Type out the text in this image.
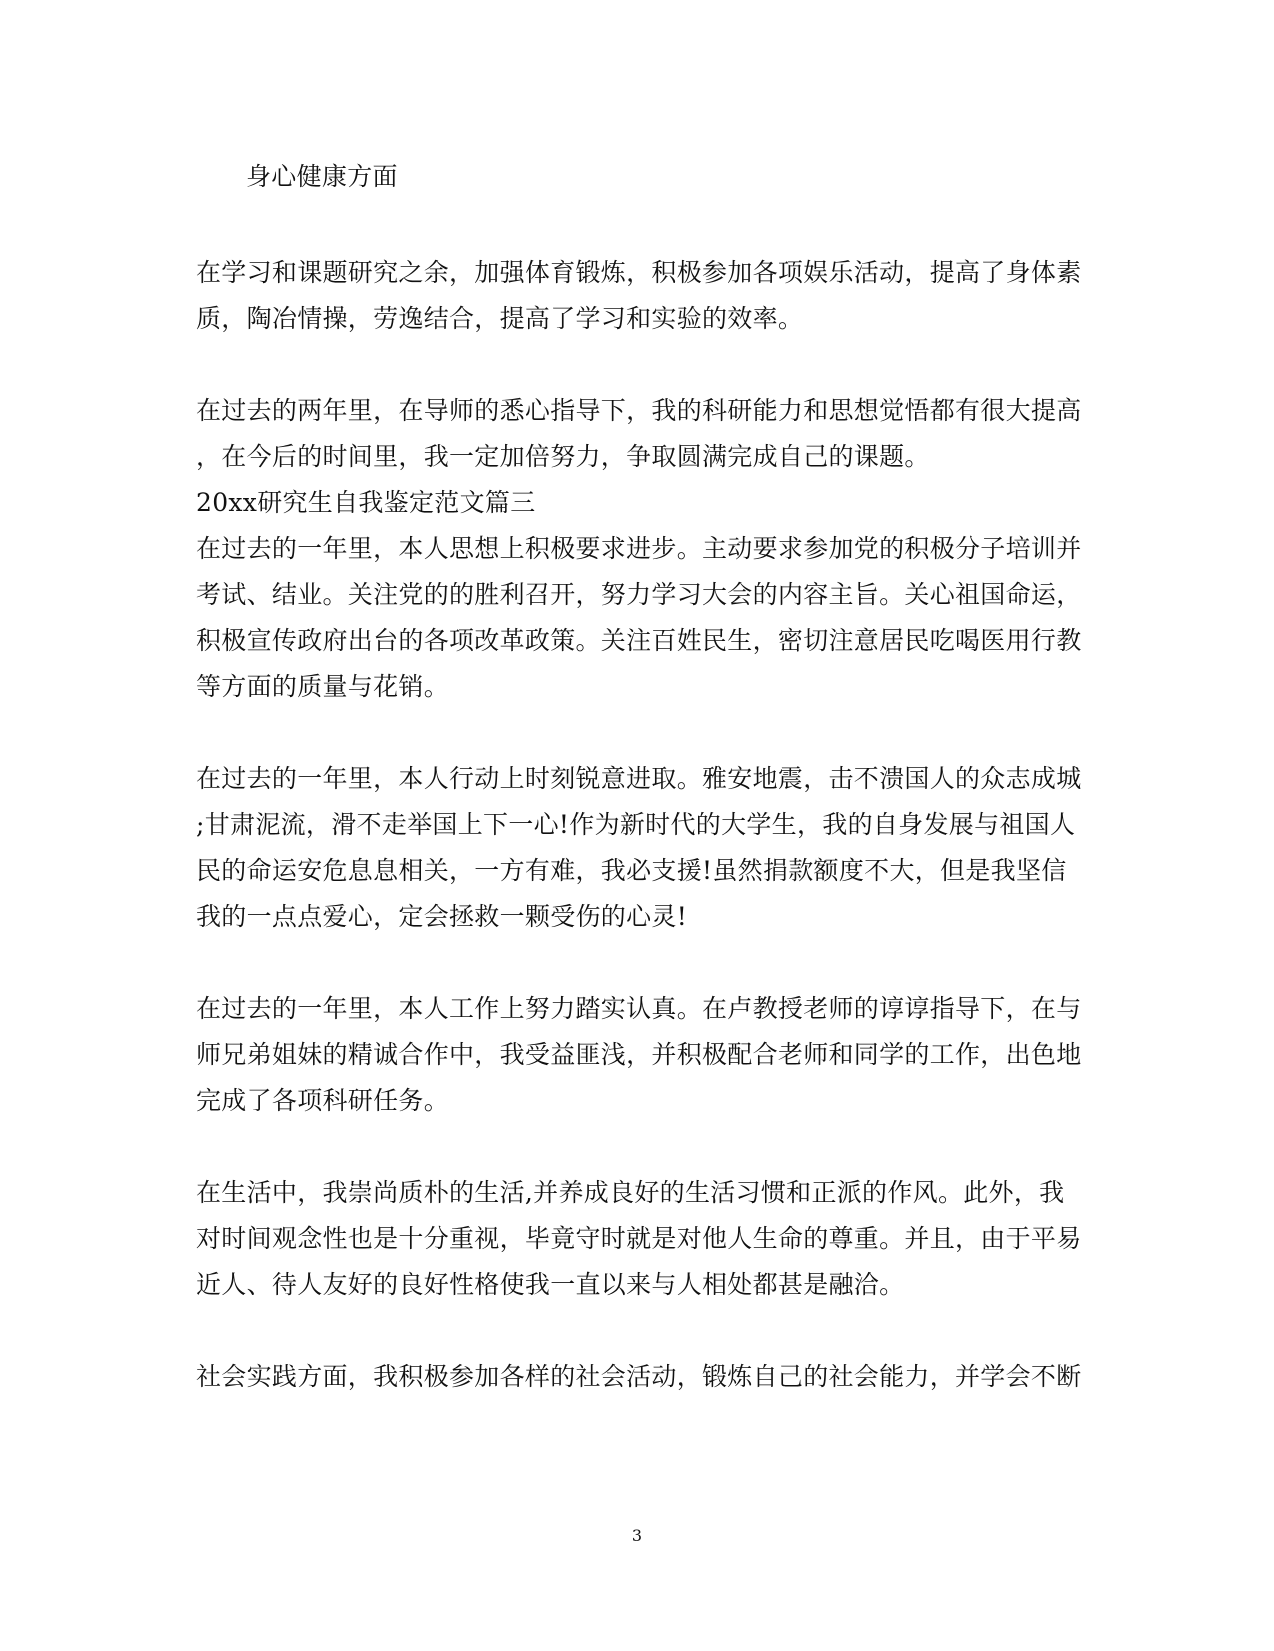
身心健康方面
在学习和课题研究之余，加强体育锻炼，积极参加各项娱乐活动，提高了身体素
质，陶冶情操，劳逸结合，提高了学习和实验的效率。
在过去的两年里，在导师的悉心指导下，我的科研能力和思想觉悟都有很大提高
，在今后的时间里，我一定加倍努力，争取圆满完成自己的课题。
20xx研究生自我鉴定范文篇三
在过去的一年里，本人思想上积极要求进步。主动要求参加党的积极分子培训并
考试、结业。关注党的的胜利召开，努力学习大会的内容主旨。关心祖国命运，
积极宣传政府出台的各项改革政策。关注百姓民生，密切注意居民吃喝医用行教
等方面的质量与花销。
在过去的一年里，本人行动上时刻锐意进取。雅安地震，击不溃国人的众志成城
;甘肃泥流，滑不走举国上下一心!作为新时代的大学生，我的自身发展与祖国人
民的命运安危息息相关，一方有难，我必支援!虽然捐款额度不大，但是我坚信
我的一点点爱心，定会拯救一颗受伤的心灵!
在过去的一年里，本人工作上努力踏实认真。在卢教授老师的谆谆指导下，在与
师兄弟姐妹的精诚合作中，我受益匪浅，并积极配合老师和同学的工作，出色地
完成了各项科研任务。
在生活中，我崇尚质朴的生活,并养成良好的生活习惯和正派的作风。此外，我
对时间观念性也是十分重视，毕竟守时就是对他人生命的尊重。并且，由于平易
近人、待人友好的良好性格使我一直以来与人相处都甚是融洽。
社会实践方面，我积极参加各样的社会活动，锻炼自己的社会能力，并学会不断
3
